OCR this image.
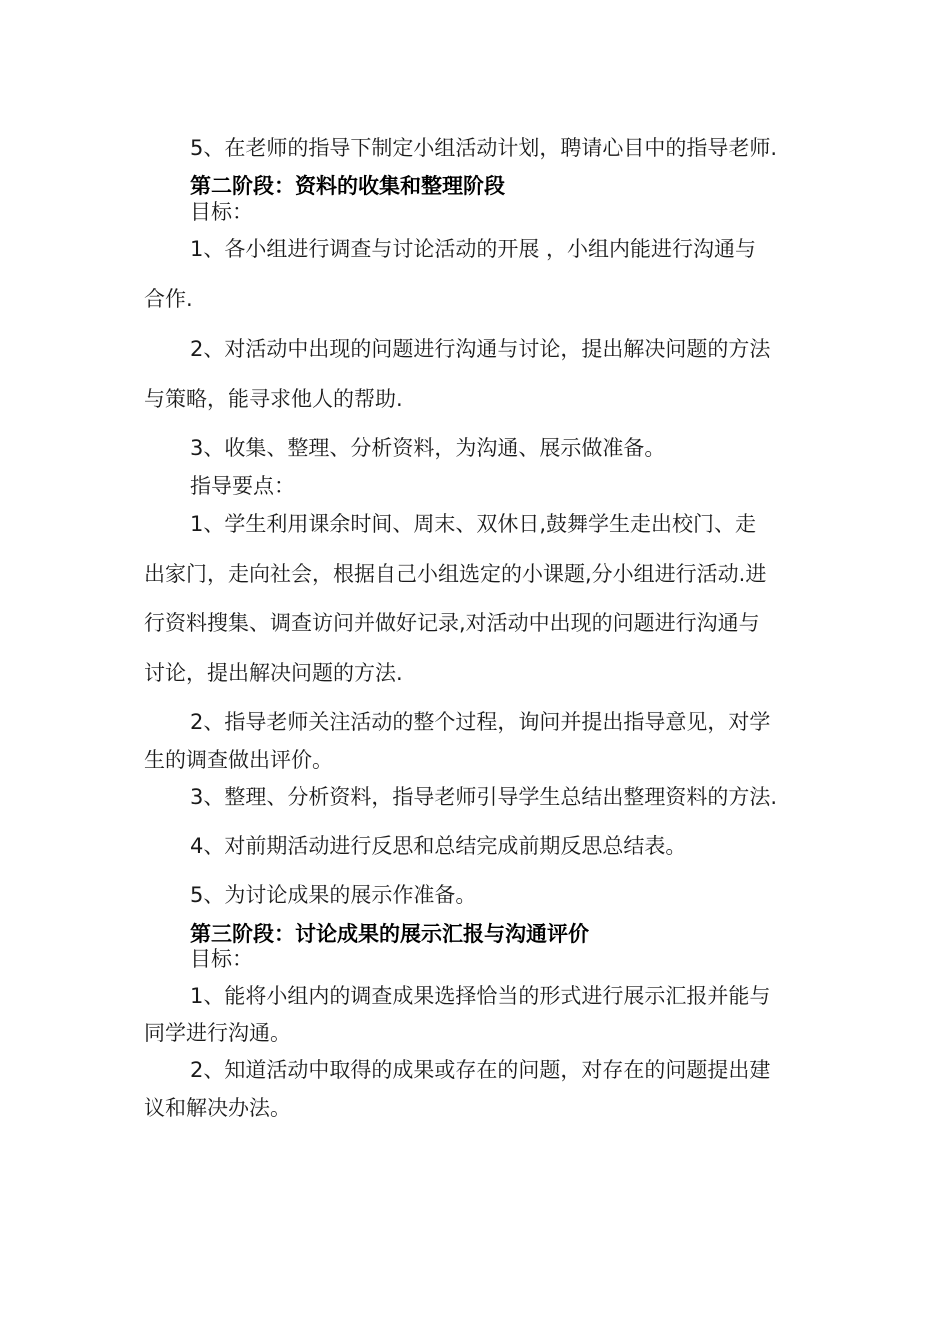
5、在老师的指导下制定小组活动计划，聘请心目中的指导老师.
第二阶段：资料的收集和整理阶段
目标：
1、各小组进行调查与讨论活动的开展 ，小组内能进行沟通与
合作.
2、对活动中出现的问题进行沟通与讨论，提出解决问题的方法
与策略，能寻求他人的帮助.
3、收集、整理、分析资料，为沟通、展示做准备。
指导要点：
1、学生利用课余时间、周末、双休日,鼓舞学生走出校门、走
出家门，走向社会，根据自己小组选定的小课题,分小组进行活动.进
行资料搜集、调查访问并做好记录,对活动中出现的问题进行沟通与
讨论，提出解决问题的方法.
2、指导老师关注活动的整个过程，询问并提出指导意见，对学
生的调查做出评价。
3、整理、分析资料，指导老师引导学生总结出整理资料的方法.
4、对前期活动进行反思和总结完成前期反思总结表。
5、为讨论成果的展示作准备。
第三阶段：讨论成果的展示汇报与沟通评价
目标：
1、能将小组内的调查成果选择恰当的形式进行展示汇报并能与
同学进行沟通。
2、知道活动中取得的成果或存在的问题，对存在的问题提出建
议和解决办法。
